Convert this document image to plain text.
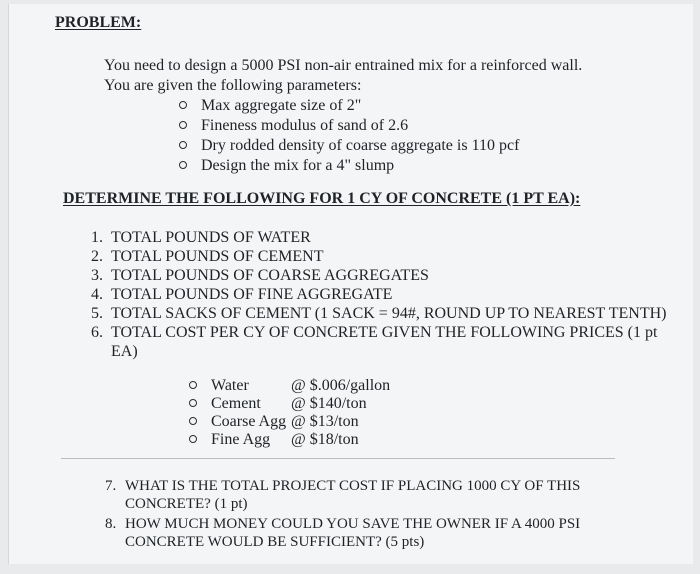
PROBLEM:
You need to design a 5000 PSI non-air entrained mix for a reinforced wall.
You are given the following parameters:
Max aggregate size of 2"
Fineness modulus of sand of 2.6
Dry rodded density of coarse aggregate is 110 pcf
Design the mix for a 4" slump
DETERMINE THE FOLLOWING FOR 1 CY OF CONCRETE (1 PT EA):
1. TOTAL POUNDS OF WATER
2. TOTAL POUNDS OF CEMENT
3. TOTAL POUNDS OF COARSE AGGREGATES
4. TOTAL POUNDS OF FINE AGGREGATE
5. TOTAL SACKS OF CEMENT (1 SACK = 94#, ROUND UP TO NEAREST TENTH)
6. TOTAL COST PER CY OF CONCRETE GIVEN THE FOLLOWING PRICES (1 pt
EA)
Water	@ $.006/gallon
Cement @ $140/ton
Coarse Agg @ $13/ton
Fine Agg @ $18/ton
7. WHAT IS THE TOTAL PROJECT COST IF PLACING 1000 CY OF THIS
CONCRETE? (1 pt)
8. HOW MUCH MONEY COULD YOU SAVE THE OWNER IF A 4000 PSI
CONCRETE WOULD BE SUFFICIENT? (5 pts)
